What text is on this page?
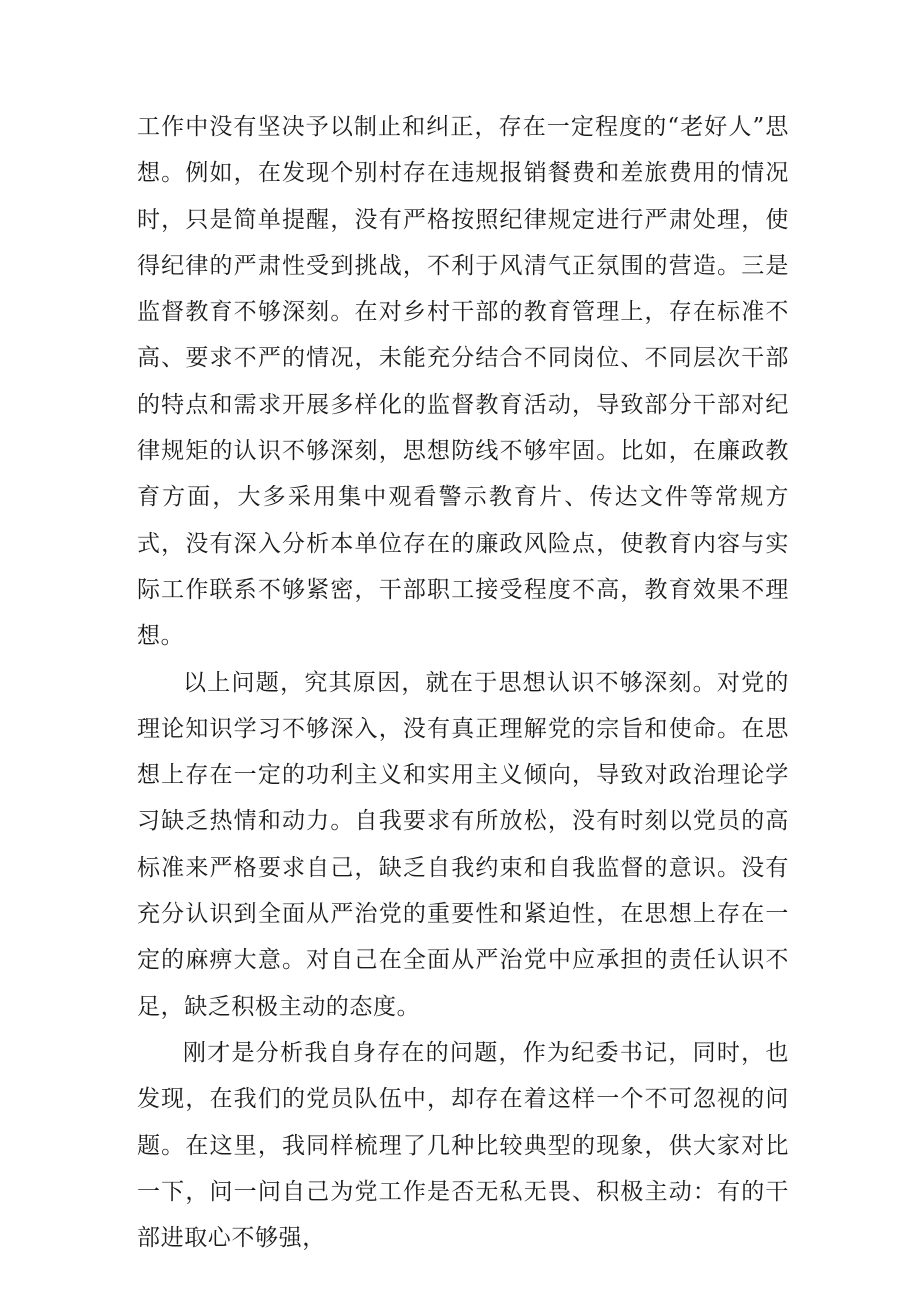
工作中没有坚决予以制止和纠正，存在一定程度的“老好人”思想。例如，在发现个别村存在违规报销餐费和差旅费用的情况时，只是简单提醒，没有严格按照纪律规定进行严肃处理，使得纪律的严肃性受到挑战，不利于风清气正氛围的营造。三是监督教育不够深刻。在对乡村干部的教育管理上，存在标准不高、要求不严的情况，未能充分结合不同岗位、不同层次干部的特点和需求开展多样化的监督教育活动，导致部分干部对纪律规矩的认识不够深刻，思想防线不够牢固。比如，在廉政教育方面，大多采用集中观看警示教育片、传达文件等常规方式，没有深入分析本单位存在的廉政风险点，使教育内容与实际工作联系不够紧密，干部职工接受程度不高，教育效果不理想。

以上问题，究其原因，就在于思想认识不够深刻。对党的理论知识学习不够深入，没有真正理解党的宗旨和使命。在思想上存在一定的功利主义和实用主义倾向，导致对政治理论学习缺乏热情和动力。自我要求有所放松，没有时刻以党员的高标准来严格要求自己，缺乏自我约束和自我监督的意识。没有充分认识到全面从严治党的重要性和紧迫性，在思想上存在一定的麻痹大意。对自己在全面从严治党中应承担的责任认识不足，缺乏积极主动的态度。

刚才是分析我自身存在的问题，作为纪委书记，同时，也发现，在我们的党员队伍中，却存在着这样一个不可忽视的问题。在这里，我同样梳理了几种比较典型的现象，供大家对比一下，问一问自己为党工作是否无私无畏、积极主动：有的干部进取心不够强，
